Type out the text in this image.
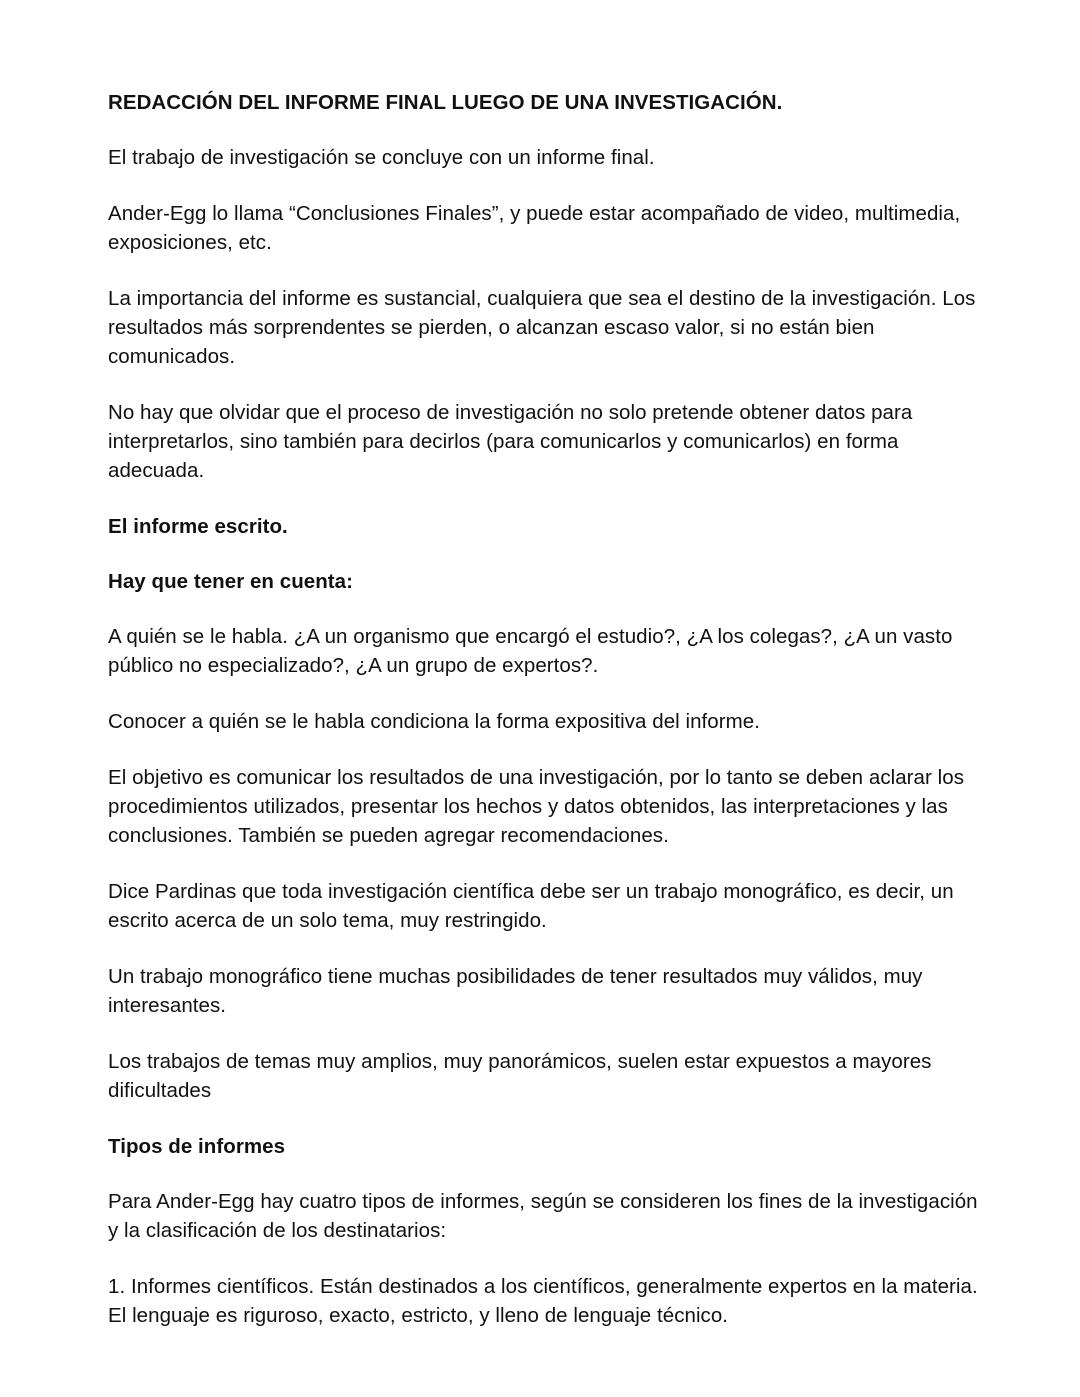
REDACCIÓN DEL INFORME FINAL LUEGO DE UNA INVESTIGACIÓN.

El trabajo de investigación se concluye con un informe final.

Ander-Egg lo llama “Conclusiones Finales”, y puede estar acompañado de video, multimedia, exposiciones, etc.

La importancia del informe es sustancial, cualquiera que sea el destino de la investigación. Los resultados más sorprendentes se pierden, o alcanzan escaso valor, si no están bien comunicados.

No hay que olvidar que el proceso de investigación no solo pretende obtener datos para interpretarlos, sino también para decirlos (para comunicarlos y comunicarlos) en forma adecuada.

El informe escrito.

Hay que tener en cuenta:

A quién se le habla. ¿A un organismo que encargó el estudio?, ¿A los colegas?, ¿A un vasto público no especializado?, ¿A un grupo de expertos?.

Conocer a quién se le habla condiciona la forma expositiva del informe.

El objetivo es comunicar los resultados de una investigación, por lo tanto se deben aclarar los procedimientos utilizados, presentar los hechos y datos obtenidos, las interpretaciones y las conclusiones. También se pueden agregar recomendaciones.

Dice Pardinas que toda investigación científica debe ser un trabajo monográfico, es decir, un escrito acerca de un solo tema, muy restringido.

Un trabajo monográfico tiene muchas posibilidades de tener resultados muy válidos, muy interesantes.

Los trabajos de temas muy amplios, muy panorámicos, suelen estar expuestos a mayores dificultades

Tipos de informes

Para Ander-Egg hay cuatro tipos de informes, según se consideren los fines de la investigación y la clasificación de los destinatarios:

1. Informes científicos. Están destinados a los científicos, generalmente expertos en la materia. El lenguaje es riguroso, exacto, estricto, y lleno de lenguaje técnico.
